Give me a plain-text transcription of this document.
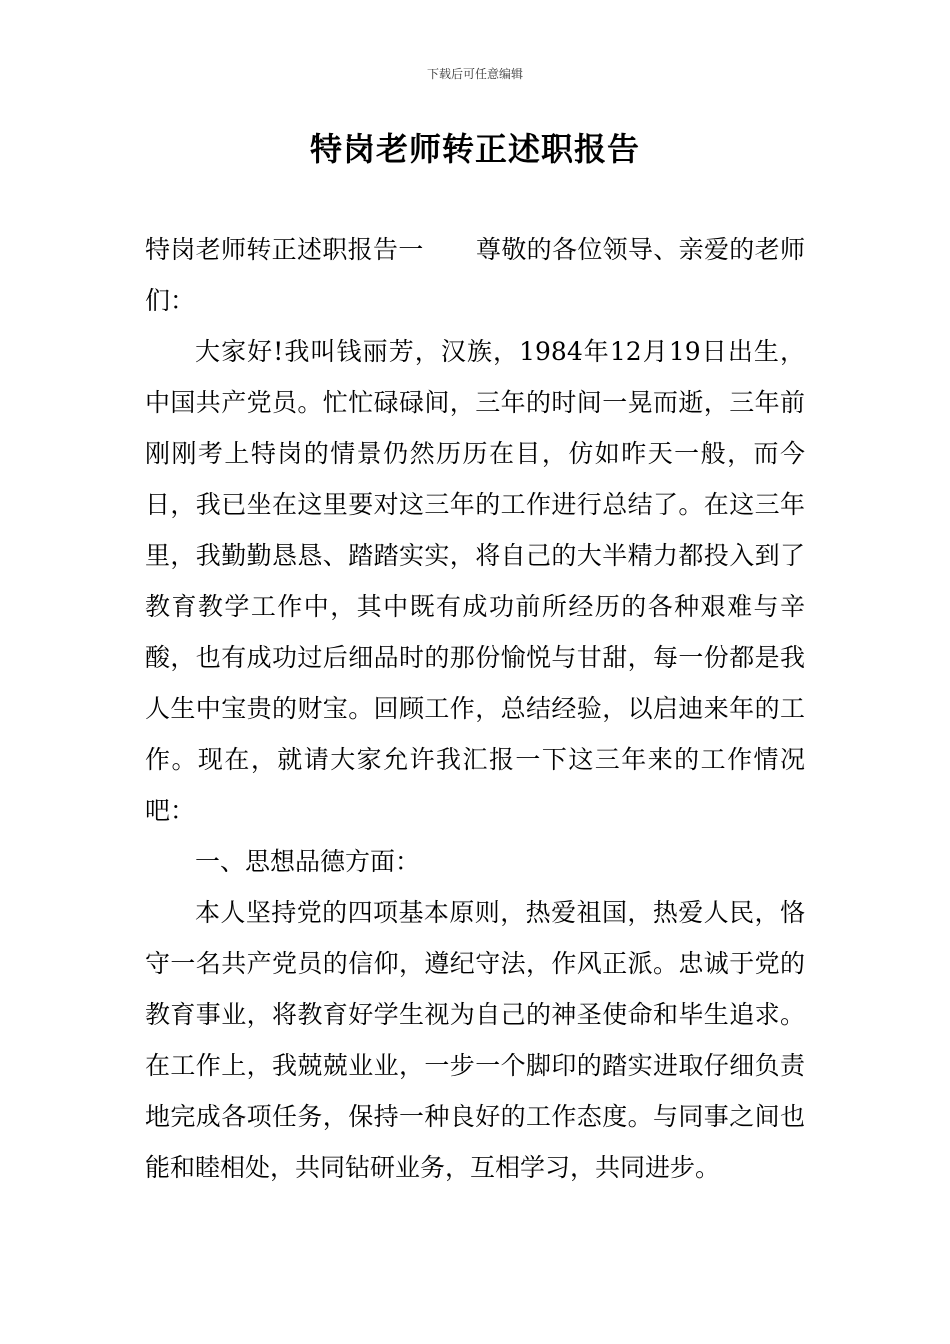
下载后可任意编辑
特岗老师转正述职报告

特岗老师转正述职报告一 尊敬的各位领导、亲爱的老师们：

大家好!我叫钱丽芳，汉族，1984年12月19日出生，中国共产党员。忙忙碌碌间，三年的时间一晃而逝，三年前刚刚考上特岗的情景仍然历历在目，仿如昨天一般，而今日，我已坐在这里要对这三年的工作进行总结了。在这三年里，我勤勤恳恳、踏踏实实，将自己的大半精力都投入到了教育教学工作中，其中既有成功前所经历的各种艰难与辛酸，也有成功过后细品时的那份愉悦与甘甜，每一份都是我人生中宝贵的财宝。回顾工作，总结经验，以启迪来年的工作。现在，就请大家允许我汇报一下这三年来的工作情况吧：

一、思想品德方面：

本人坚持党的四项基本原则，热爱祖国，热爱人民，恪守一名共产党员的信仰，遵纪守法，作风正派。忠诚于党的教育事业，将教育好学生视为自己的神圣使命和毕生追求。在工作上，我兢兢业业，一步一个脚印的踏实进取仔细负责地完成各项任务，保持一种良好的工作态度。与同事之间也能和睦相处，共同钻研业务，互相学习，共同进步。
